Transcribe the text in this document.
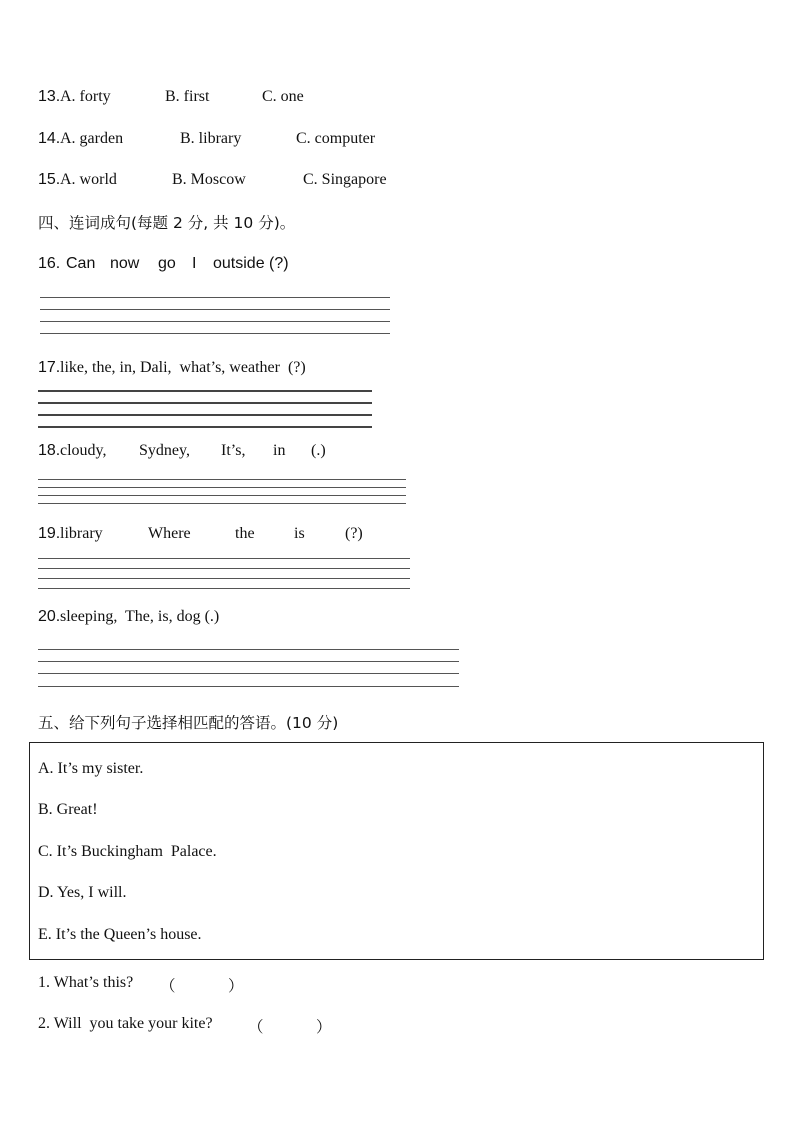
13. A. forty	B. first	C. one
14. A. garden	B. library	C. computer
15. A. world	B. Moscow	C. Singapore
四、连词成句(每题 2 分, 共 10 分)。
16. Can now go I outside (?)
17. like, the, in, Dali,  what’s, weather  (?)
18. cloudy, Sydney, It’s, in (.)
19. library	Where	the is	(?)
20. sleeping,  The, is, dog (.)
五、给下列句子选择相匹配的答语。(10 分)
A. It’s my sister.
B. Great!
C. It’s Buckingham  Palace.
D. Yes, I will.
E. It’s the Queen’s house.
1. What’s this? （	）
2. Will  you take your kite? （	）
